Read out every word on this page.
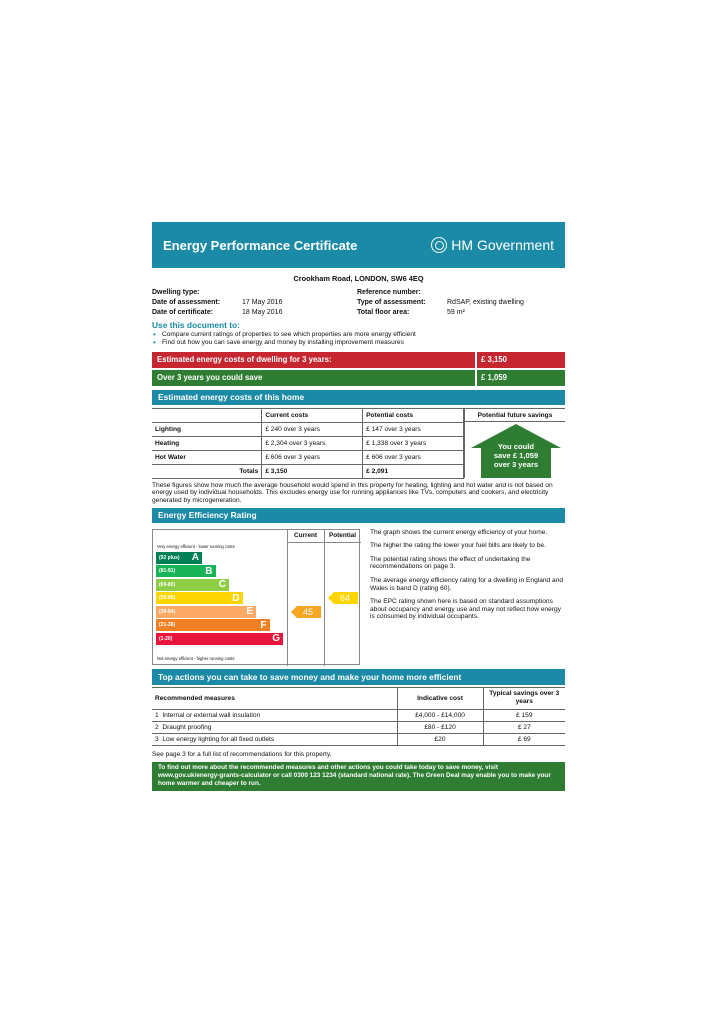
Energy Performance Certificate	HM Government
Crookham Road, LONDON, SW6 4EQ
Dwelling type:
Date of assessment:	17 May 2016
Date of certificate:	18 May 2016
Reference number:
Type of assessment:	RdSAP, existing dwelling
Total floor area:	59 m²
Use this document to:
• Compare current ratings of properties to see which properties are more energy efficient
• Find out how you can save energy and money by installing improvement measures
Estimated energy costs of dwelling for 3 years:	£ 3,150
Over 3 years you could save	£ 1,059
Estimated energy costs of this home
	Current costs	Potential costs
Lighting	£ 240 over 3 years	£ 147 over 3 years
Heating	£ 2,304 over 3 years	£ 1,338 over 3 years
Hot Water	£ 606 over 3 years	£ 606 over 3 years
Totals	£ 3,150	£ 2,091
Potential future savings
You could
save £ 1,059
over 3 years
These figures show how much the average household would spend in this property for heating, lighting and hot water and is not based on energy used by individual households. This excludes energy use for running appliances like TVs, computers and cookers, and electricity generated by microgeneration.
Energy Efficiency Rating
Current	Potential
Very energy efficient - lower running costs
Not energy efficient - higher running costs
(92 plus) A
(81-91)	B
(69-80)	C
(55-68)	D
(39-54)	E
(21-38)	F
(1-20)	G
45
64

The graph shows the current energy efficiency of your home.

The higher the rating the lower your fuel bills are likely to be.

The potential rating shows the effect of undertaking the recommendations on page 3.

The average energy efficiency rating for a dwelling in England and Wales is band D (rating 60).

The EPC rating shown here is based on standard assumptions about occupancy and energy use and may not reflect how energy is consumed by individual occupants.

Top actions you can take to save money and make your home more efficient
Recommended measures	Indicative cost	Typical savings over 3 years
1 Internal or external wall insulation	£4,000 - £14,000	£ 159
2 Draught proofing	£80 - £120	£ 27
3 Low energy lighting for all fixed outlets	£20	£ 69
See page 3 for a full list of recommendations for this property.
To find out more about the recommended measures and other actions you could take today to save money, visit www.gov.uk/energy-grants-calculator or call 0300 123 1234 (standard national rate). The Green Deal may enable you to make your home warmer and cheaper to run.
